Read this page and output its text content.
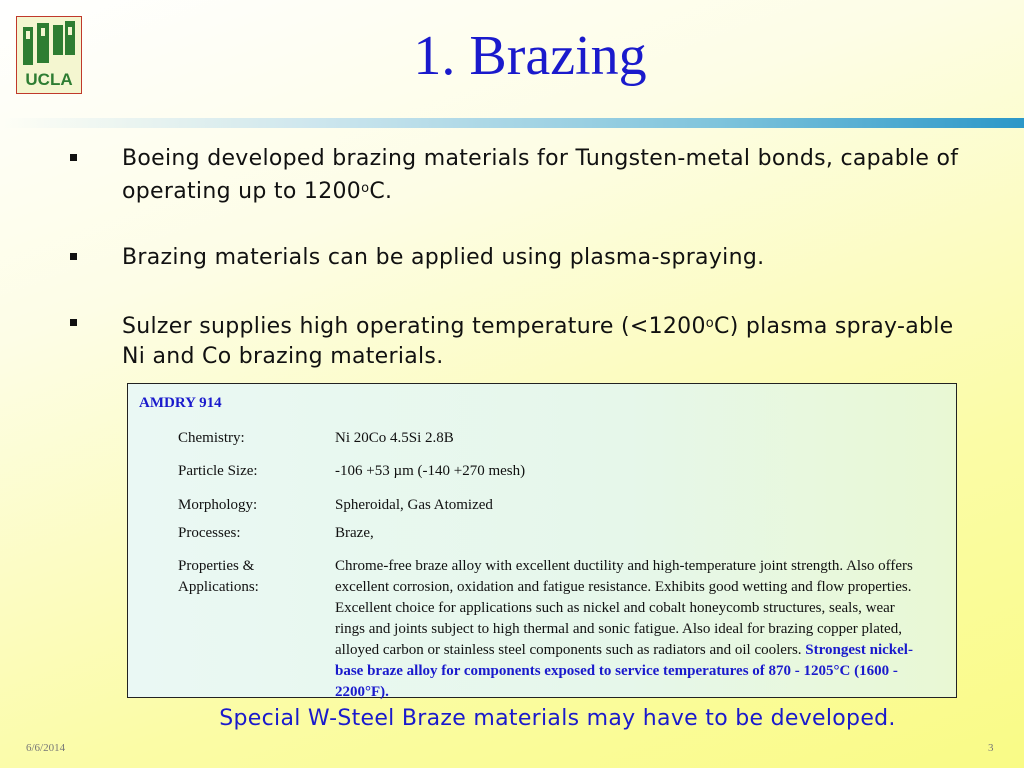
UCLA	1. Brazing
Boeing developed brazing materials for Tungsten-metal bonds, capable of operating up to 1200$^o$C.
Brazing materials can be applied using plasma-spraying.
Sulzer supplies high operating temperature $(<1200^oC)$ plasma spray-able Ni and Co brazing materials.
AMDRY 914
Chemistry:	Ni 20Co 4.5Si 2.8B
Particle Size:	-106 +53 µm (-140 +270 mesh)
Morphology:	Spheroidal, Gas Atomized
Processes:	Braze,
Properties &
Applications:
Chrome-free braze alloy with excellent ductility and high-temperature joint strength. Also offers excellent corrosion, oxidation and fatigue resistance. Exhibits good wetting and flow properties. Excellent choice for applications such as nickel and cobalt honeycomb structures, seals, wear rings and joints subject to high thermal and sonic fatigue. Also ideal for brazing copper plated, alloyed carbon or stainless steel components such as radiators and oil coolers. Strongest nickel-base braze alloy for components exposed to service temperatures of 870 - 1205°C (1600 - 2200°F).
Special W-Steel Braze materials may have to be developed.
6/6/2014	3
